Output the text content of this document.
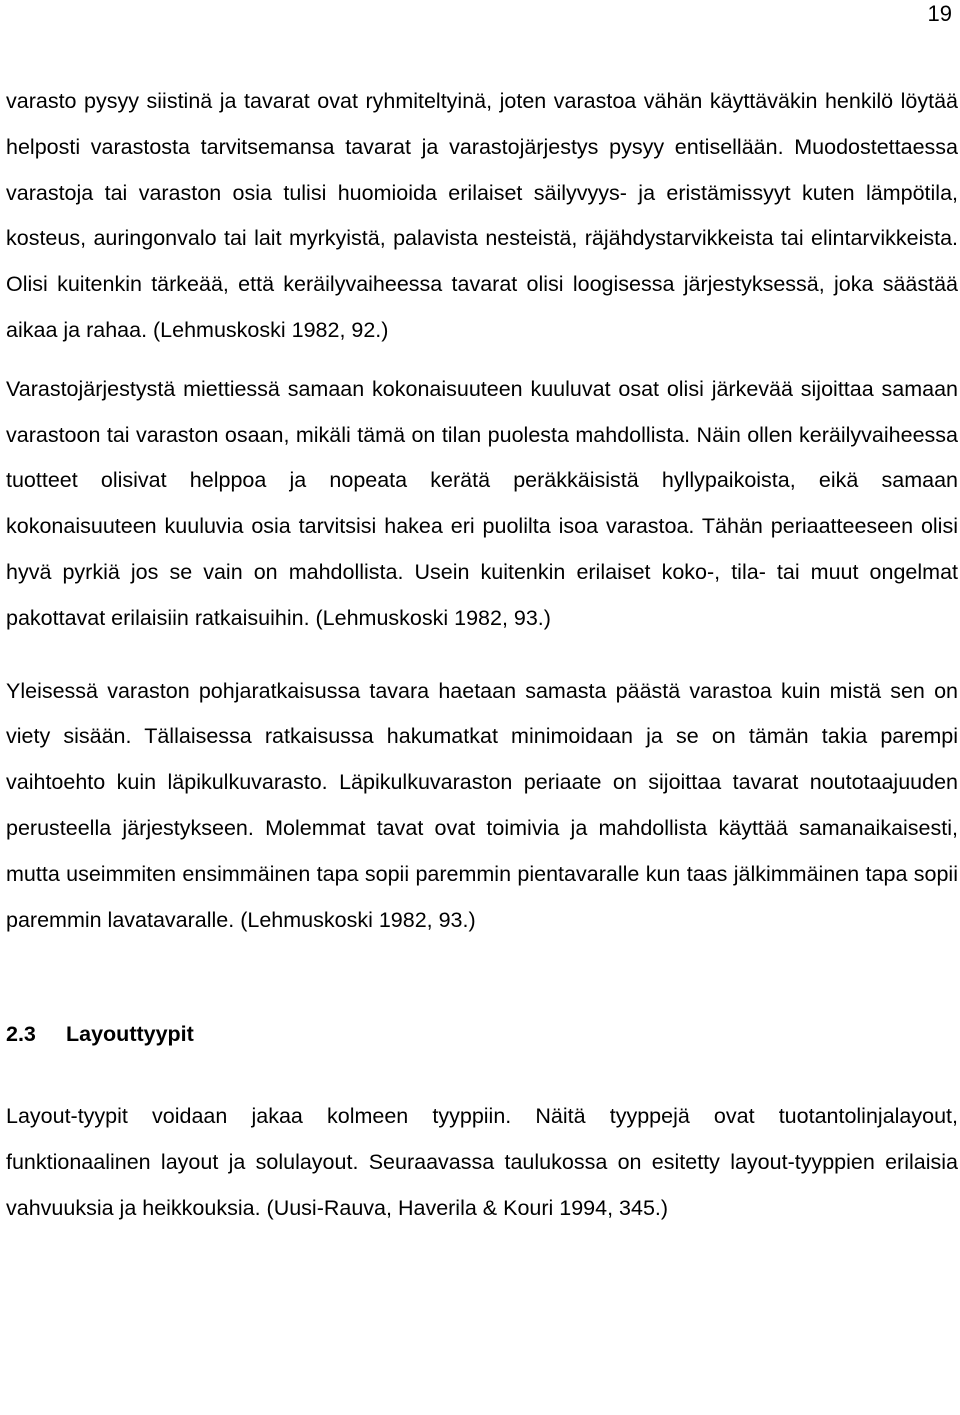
19

varasto pysyy siistinä ja tavarat ovat ryhmiteltyinä, joten varastoa vähän käyttäväkin henkilö löytää helposti varastosta tarvitsemansa tavarat ja varastojärjestys pysyy entisellään. Muodostettaessa varastoja tai varaston osia tulisi huomioida erilaiset säilyvyys- ja eristämissyyt kuten lämpötila, kosteus, auringonvalo tai lait myrkyistä, palavista nesteistä, räjähdystarvikkeista tai elintarvikkeista. Olisi kuitenkin tärkeää, että keräilyvaiheessa tavarat olisi loogisessa järjestyksessä, joka säästää aikaa ja rahaa. (Lehmuskoski 1982, 92.)

Varastojärjestystä miettiessä samaan kokonaisuuteen kuuluvat osat olisi järkevää sijoittaa samaan varastoon tai varaston osaan, mikäli tämä on tilan puolesta mahdollista. Näin ollen keräilyvaiheessa tuotteet olisivat helppoa ja nopeata kerätä peräkkäisistä hyllypaikoista, eikä samaan kokonaisuuteen kuuluvia osia tarvitsisi hakea eri puolilta isoa varastoa. Tähän periaatteeseen olisi hyvä pyrkiä jos se vain on mahdollista. Usein kuitenkin erilaiset koko-, tila- tai muut ongelmat pakottavat erilaisiin ratkaisuihin. (Lehmuskoski 1982, 93.)

Yleisessä varaston pohjaratkaisussa tavara haetaan samasta päästä varastoa kuin mistä sen on viety sisään. Tällaisessa ratkaisussa hakumatkat minimoidaan ja se on tämän takia parempi vaihtoehto kuin läpikulkuvarasto. Läpikulkuvaraston periaate on sijoittaa tavarat noutotaajuuden perusteella järjestykseen. Molemmat tavat ovat toimivia ja mahdollista käyttää samanaikaisesti, mutta useimmiten ensimmäinen tapa sopii paremmin pientavaralle kun taas jälkimmäinen tapa sopii paremmin lavatavaralle. (Lehmuskoski 1982, 93.)

2.3 Layouttyypit

Layout-tyypit voidaan jakaa kolmeen tyyppiin. Näitä tyyppejä ovat tuotantolinjalayout, funktionaalinen layout ja solulayout. Seuraavassa taulukossa on esitetty layout-tyyppien erilaisia vahvuuksia ja heikkouksia. (Uusi-Rauva, Haverila & Kouri 1994, 345.)
